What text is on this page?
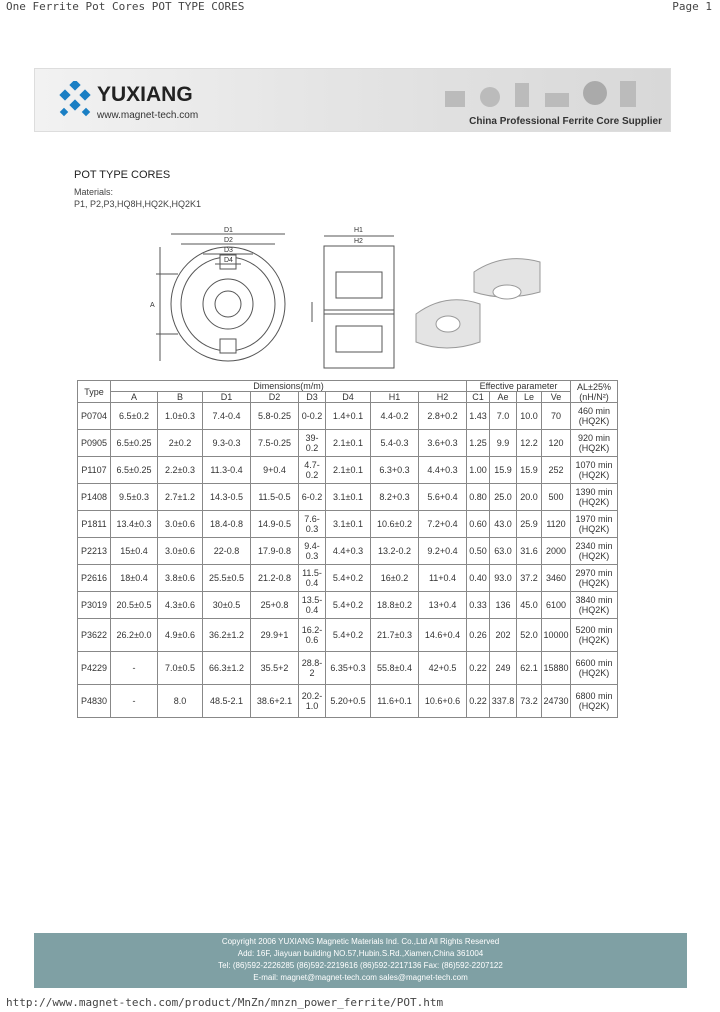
One Ferrite Pot Cores POT TYPE CORES	Page 1
YUXIANG
www.magnet-tech.com
China Professional Ferrite Core Supplier
POT TYPE CORES
Materials:
P1, P2,P3,HQ8H,HQ2K,HQ2K1
D1
D2
D3
D4
A
H1
H2
Type	Dimensions(m/m)								Effective parameter				AL±25%
(nH/N²)

	A	B	D1	D2	D3	D4	H1	H2	C1	Ae	Le	Ve	
P0704	6.5±0.2	1.0±0.3	7.4-0.4	5.8-0.25	0-0.2	1.4+0.1	4.4-0.2	2.8+0.2	1.43	7.0	10.0	70	460 min (HQ2K)
P0905	6.5±0.25	2±0.2	9.3-0.3	7.5-0.25	39-0.2	2.1±0.1	5.4-0.3	3.6+0.3	1.25	9.9	12.2	120	920 min (HQ2K)
P1107	6.5±0.25	2.2±0.3	11.3-0.4	9+0.4	4.7-0.2	2.1±0.1	6.3+0.3	4.4+0.3	1.00	15.9	15.9	252	1070 min (HQ2K)
P1408	9.5±0.3	2.7±1.2	14.3-0.5	11.5-0.5	6-0.2	3.1±0.1	8.2+0.3	5.6+0.4	0.80	25.0	20.0	500	1390 min (HQ2K)
P1811	13.4±0.3	3.0±0.6	18.4-0.8	14.9-0.5	7.6-0.3	3.1±0.1	10.6±0.2	7.2+0.4	0.60	43.0	25.9	1120	1970 min (HQ2K)
P2213	15±0.4	3.0±0.6	22-0.8	17.9-0.8	9.4-0.3	4.4+0.3	13.2-0.2	9.2+0.4	0.50	63.0	31.6	2000	2340 min (HQ2K)
P2616	18±0.4	3.8±0.6	25.5±0.5	21.2-0.8	11.5-0.4	5.4+0.2	16±0.2	11+0.4	0.40	93.0	37.2	3460	2970 min (HQ2K)
P3019	20.5±0.5	4.3±0.6	30±0.5	25+0.8	13.5-0.4	5.4+0.2	18.8±0.2	13+0.4	0.33	136	45.0	6100	3840 min (HQ2K)
P3622	26.2±0.0	4.9±0.6	36.2±1.2	29.9+1	16.2-0.6	5.4+0.2	21.7±0.3	14.6+0.4	0.26	202	52.0	10000	5200 min (HQ2K)
P4229	-	7.0±0.5	66.3±1.2	35.5+2	28.8-2	6.35+0.3	55.8±0.4	42+0.5	0.22	249	62.1	15880	6600 min (HQ2K)
P4830	-	8.0	48.5-2.1	38.6+2.1	20.2-1.0	5.20+0.5	11.6+0.1	10.6+0.6	0.22	337.8	73.2	24730	6800 min (HQ2K)
Copyright 2006 YUXIANG Magnetic Materials Ind. Co.,Ltd All Rights Reserved
Add: 16F, Jiayuan building NO.57,Hubin.S.Rd.,Xiamen,China 361004
Tel: (86)592-2226285 (86)592-2219616 (86)592-2217136 Fax: (86)592-2207122
E-mail: magnet@magnet-tech.com sales@magnet-tech.com
http://www.magnet-tech.com/product/MnZn/mnzn_power_ferrite/POT.htm
